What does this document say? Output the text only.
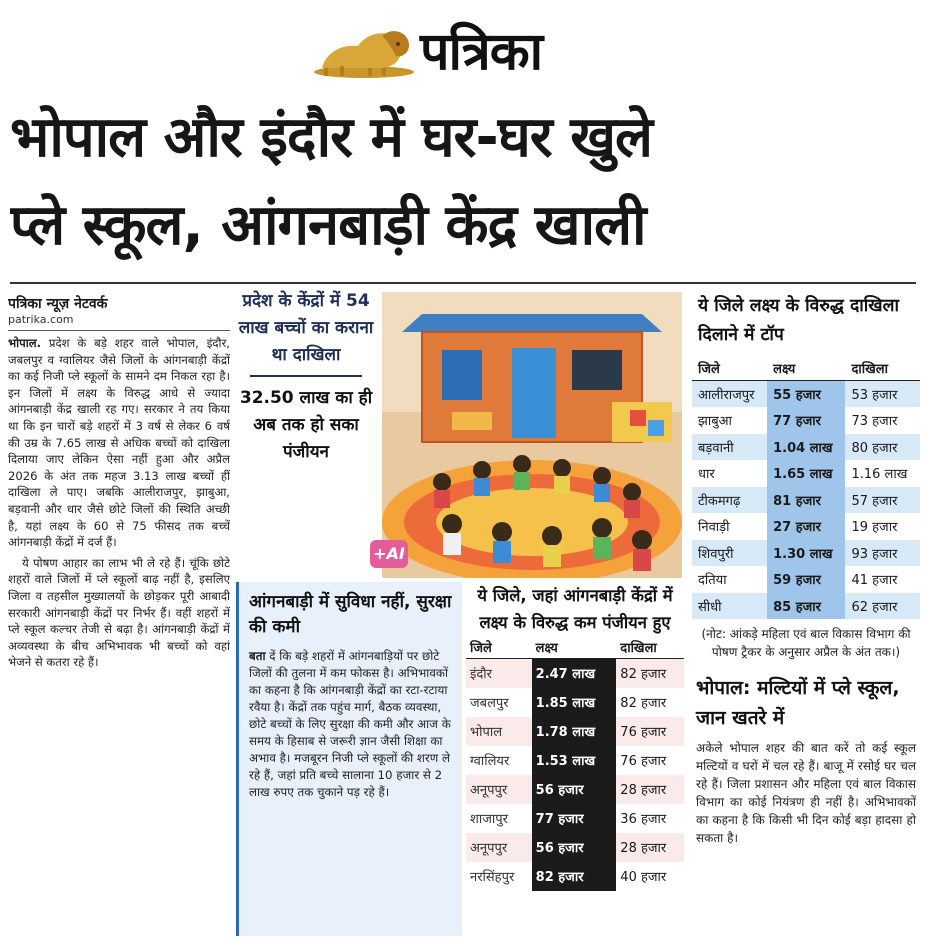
पत्रिका
भोपाल और इंदौर में घर-घर खुले
प्ले स्कूल, आंगनबाड़ी केंद्र खाली
पत्रिका न्यूज़ नेटवर्क
patrika.com

भोपाल. प्रदेश के बड़े शहर वाले भोपाल, इंदौर, जबलपुर व ग्वालियर जैसे जिलों के आंगनबाड़ी केंद्रों का कई निजी प्ले स्कूलों के सामने दम निकल रहा है। इन जिलों में लक्ष्य के विरुद्ध आधे से ज्यादा आंगनबाड़ी केंद्र खाली रह गए। सरकार ने तय किया था कि इन चारों बड़े शहरों में 3 वर्ष से लेकर 6 वर्ष की उम्र के 7.65 लाख से अधिक बच्चों को दाखिला दिलाया जाए लेकिन ऐसा नहीं हुआ और अप्रैल 2026 के अंत तक महज 3.13 लाख बच्चों हीं दाखिला ले पाए। जबकि आलीराजपुर, झाबुआ, बड़वानी और धार जैसे छोटे जिलों की स्थिति अच्छी है, यहां लक्ष्य के 60 से 75 फीसद तक बच्चें आंगनबाड़ी केंद्रों में दर्ज हैं।

ये पोषण आहार का लाभ भी ले रहे हैं। चूंकि छोटे शहरों वाले जिलों में प्ले स्कूलों बाढ़ नहीं है, इसलिए जिला व तहसील मुख्यालयों के छोड़कर पूरी आबादी सरकारी आंगनबाड़ी केंद्रों पर निर्भर हैं। वहीं शहरों में प्ले स्कूल कल्चर तेजी से बढ़ा है। आंगनबाड़ी केंद्रों में अव्यवस्था के बीच अभिभावक भी बच्चों को वहां भेजने से कतरा रहे हैं।

प्रदेश के केंद्रों में 54 लाख बच्चों का कराना था दाखिला
32.50 लाख का ही अब तक हो सका पंजीयन
+AI
आंगनबाड़ी में सुविधा नहीं, सुरक्षा की कमी
बता दें कि बड़े शहरों में आंगनबाड़ियों पर छोटे जिलों की तुलना में कम फोकस है। अभिभावकों का कहना है कि आंगनबाड़ी केंद्रों का रटा-रटाया रवैया है। केंद्रों तक पहुंच मार्ग, बैठक व्यवस्था, छोटे बच्चों के लिए सुरक्षा की कमी और आज के समय के हिसाब से जरूरी ज्ञान जैसी शिक्षा का अभाव है। मजबूरन निजी प्ले स्कूलों की शरण ले रहे हैं, जहां प्रति बच्चे सालाना 10 हजार से 2 लाख रुपए तक चुकाने पड़ रहे हैं।
ये जिले, जहां आंगनबाड़ी केंद्रों में लक्ष्य के विरुद्ध कम पंजीयन हुए
जिले	लक्ष्य	दाखिला
इंदौर	2.47 लाख	82 हजार
जबलपुर	1.85 लाख	82 हजार
भोपाल	1.78 लाख	76 हजार
ग्वालियर	1.53 लाख	76 हजार
अनूपपुर	56 हजार	28 हजार
शाजापुर	77 हजार	36 हजार
अनूपपुर	56 हजार	28 हजार
नरसिंहपुर	82 हजार	40 हजार
ये जिले लक्ष्य के विरुद्ध दाखिला दिलाने में टॉप
जिले	लक्ष्य	दाखिला
आलीराजपुर	55 हजार	53 हजार
झाबुआ	77 हजार	73 हजार
बड़वानी	1.04 लाख	80 हजार
धार	1.65 लाख	1.16 लाख
टीकमगढ़	81 हजार	57 हजार
निवाड़ी	27 हजार	19 हजार
शिवपुरी	1.30 लाख	93 हजार
दतिया	59 हजार	41 हजार
सीधी	85 हजार	62 हजार
(नोट: आंकड़े महिला एवं बाल विकास विभाग की पोषण ट्रैकर के अनुसार अप्रैल के अंत तक।)
भोपाल: मल्टियों में प्ले स्कूल, जान खतरे में
अकेले भोपाल शहर की बात करें तो कई स्कूल मल्टियों व घरों में चल रहे हैं। बाजू में रसोई घर चल रहे हैं। जिला प्रशासन और महिला एवं बाल विकास विभाग का कोई नियंत्रण ही नहीं है। अभिभावकों का कहना है कि किसी भी दिन कोई बड़ा हादसा हो सकता है।
